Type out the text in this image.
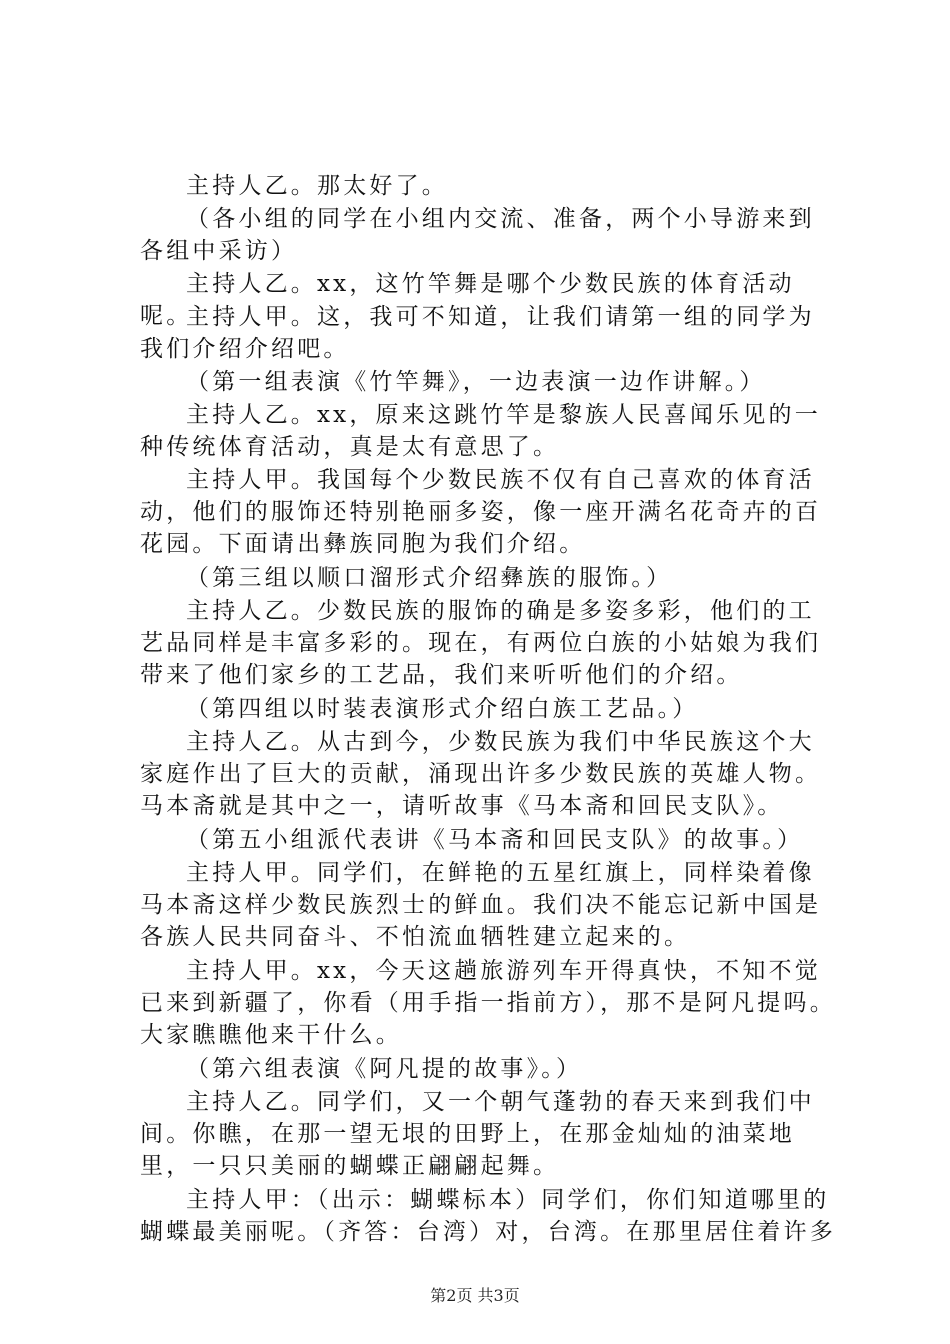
主持人乙。那太好了。

（各小组的同学在小组内交流、准备，两个小导游来到各组中采访）

主持人乙。xx，这竹竿舞是哪个少数民族的体育活动呢。

主持人甲。这，我可不知道，让我们请第一组的同学为我们介绍介绍吧。

（第一组表演《竹竿舞》，一边表演一边作讲解。）

主持人乙。xx，原来这跳竹竿是黎族人民喜闻乐见的一种传统体育活动，真是太有意思了。

主持人甲。我国每个少数民族不仅有自己喜欢的体育活动，他们的服饰还特别艳丽多姿，像一座开满名花奇卉的百花园。下面请出彝族同胞为我们介绍。

（第三组以顺口溜形式介绍彝族的服饰。）

主持人乙。少数民族的服饰的确是多姿多彩，他们的工艺品同样是丰富多彩的。现在，有两位白族的小姑娘为我们带来了他们家乡的工艺品，我们来听听他们的介绍。

（第四组以时装表演形式介绍白族工艺品。）

主持人乙。从古到今，少数民族为我们中华民族这个大家庭作出了巨大的贡献，涌现出许多少数民族的英雄人物。马本斋就是其中之一，请听故事《马本斋和回民支队》。

（第五小组派代表讲《马本斋和回民支队》的故事。）

主持人甲。同学们，在鲜艳的五星红旗上，同样染着像马本斋这样少数民族烈士的鲜血。我们决不能忘记新中国是各族人民共同奋斗、不怕流血牺牲建立起来的。

主持人甲。xx，今天这趟旅游列车开得真快，不知不觉已来到新疆了，你看（用手指一指前方），那不是阿凡提吗。大家瞧瞧他来干什么。

（第六组表演《阿凡提的故事》。）

主持人乙。同学们，又一个朝气蓬勃的春天来到我们中间。你瞧，在那一望无垠的田野上，在那金灿灿的油菜地里，一只只美丽的蝴蝶正翩翩起舞。

主持人甲：（出示：蝴蝶标本）同学们，你们知道哪里的蝴蝶最美丽呢。（齐答：台湾）对，台湾。在那里居住着许多

第2页 共3页
